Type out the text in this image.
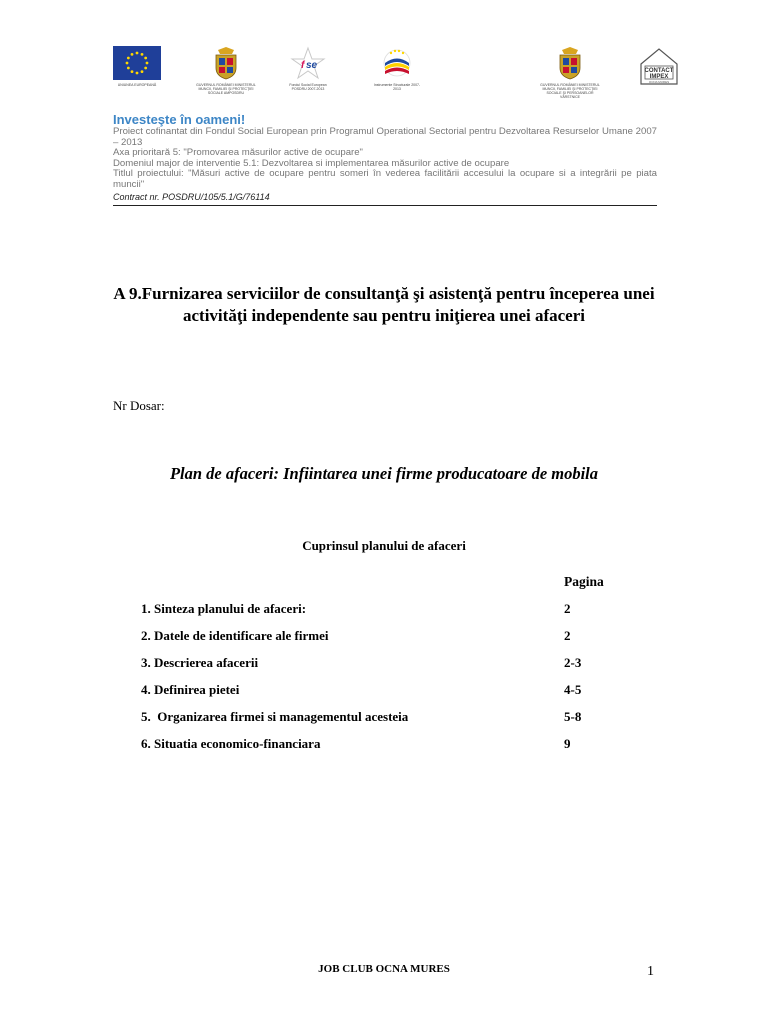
UNIUNEA EUROPEANĂ	GUVERNUL ROMÂNIEI MINISTERUL MUNCII, FAMILIEI ŞI PROTECŢIEI SOCIALE AMPOSDRU
f se
Fondul Social European POSDRU 2007-2013
Instrumente Structurale 2007-2013
GUVERNUL ROMÂNIEI MINISTERUL MUNCII, FAMILIEI ŞI PROTECŢIEI SOCIALE ŞI PERSOANELOR VÂRSTNICE
CONTACT
IMPEX
OCNA MURES
Investeşte în oameni!
Proiect cofinantat din Fondul Social European prin Programul Operational Sectorial pentru Dezvoltarea Resurselor Umane 2007 – 2013
Axa prioritară 5: "Promovarea măsurilor active de ocupare"
Domeniul major de interventie 5.1: Dezvoltarea si implementarea măsurilor active de ocupare
Titlul proiectului: "Măsuri active de ocupare pentru someri în vederea facilitării accesului la ocupare si a integrării pe piata muncii"
Contract nr. POSDRU/105/5.1/G/76114
A 9.Furnizarea serviciilor de consultanţă şi asistenţă pentru începerea unei activităţi independente sau pentru iniţierea unei afaceri
Nr Dosar:
Plan de afaceri: Infiintarea unei firme producatoare de mobila
Cuprinsul planului de afaceri
Pagina
1. Sinteza planului de afaceri:	2
2. Datele de identificare ale firmei	2
3. Descrierea afacerii	2-3
4. Definirea pietei	4-5
5.  Organizarea firmei si managementul acesteia	5-8
6. Situatia economico-financiara	9
JOB CLUB OCNA MURES	1
